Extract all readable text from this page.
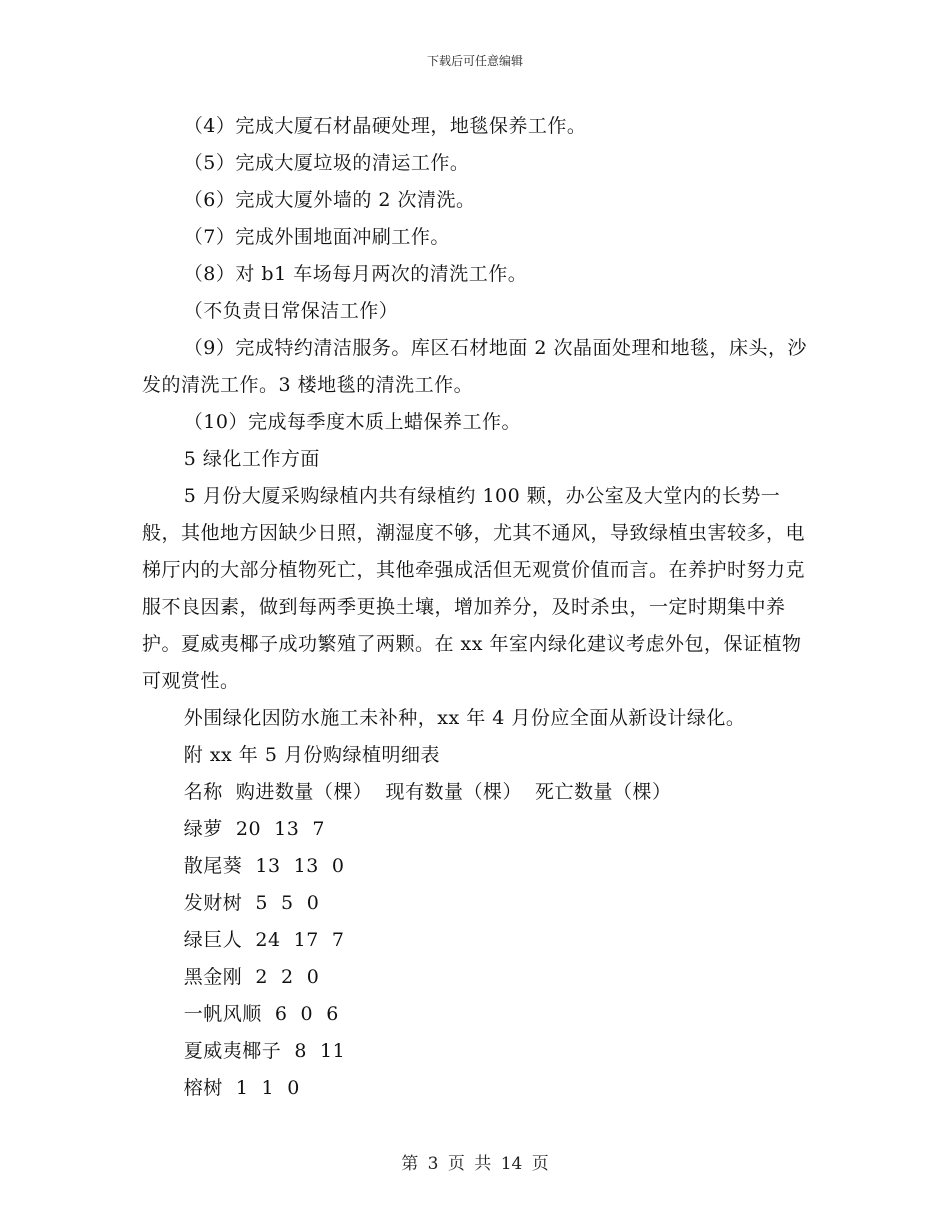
下载后可任意编辑

（4）完成大厦石材晶硬处理，地毯保养工作。

（5）完成大厦垃圾的清运工作。

（6）完成大厦外墙的 2 次清洗。

（7）完成外围地面冲刷工作。

（8）对 b1 车场每月两次的清洗工作。

（不负责日常保洁工作）

（9）完成特约清洁服务。库区石材地面 2 次晶面处理和地毯，床头，沙发的清洗工作。3 楼地毯的清洗工作。

（10）完成每季度木质上蜡保养工作。

5 绿化工作方面

5 月份大厦采购绿植内共有绿植约 100 颗，办公室及大堂内的长势一般，其他地方因缺少日照，潮湿度不够，尤其不通风，导致绿植虫害较多，电梯厅内的大部分植物死亡，其他牵强成活但无观赏价值而言。在养护时努力克服不良因素，做到每两季更换土壤，增加养分，及时杀虫，一定时期集中养护。夏威夷椰子成功繁殖了两颗。在 xx 年室内绿化建议考虑外包，保证植物可观赏性。

外围绿化因防水施工未补种，xx 年 4 月份应全面从新设计绿化。

附 xx 年 5 月份购绿植明细表

名称  购进数量（棵）  现有数量（棵）  死亡数量（棵）

绿萝  20  13  7

散尾葵  13  13  0

发财树  5  5  0

绿巨人  24  17  7

黑金刚  2  2  0

一帆风顺  6  0  6

夏威夷椰子  8  11

榕树  1  1  0

第 3 页 共 14 页
